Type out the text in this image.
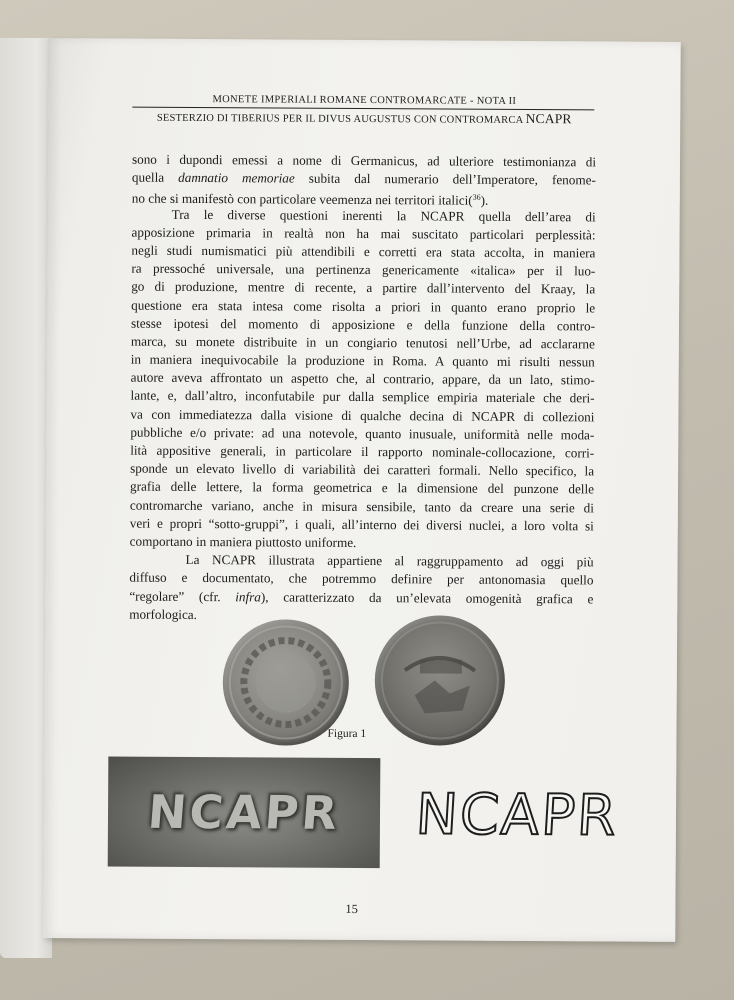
MONETE IMPERIALI ROMANE CONTROMARCATE - NOTA II
SESTERZIO DI TIBERIUS PER IL DIVUS AUGUSTUS CON CONTROMARCA NCAPR
sono i dupondi emessi a nome di Germanicus, ad ulteriore testimonianza di
quella damnatio memoriae subita dal numerario dell’Imperatore, fenome-
no che si manifestò con particolare veemenza nei territori italici($^{36}$).
Tra le diverse questioni inerenti la NCAPR quella dell’area di
apposizione primaria in realtà non ha mai suscitato particolari perplessità:
negli studi numismatici più attendibili e corretti era stata accolta, in maniera
ra pressoché universale, una pertinenza genericamente «italica» per il luo-
go di produzione, mentre di recente, a partire dall’intervento del Kraay, la
questione era stata intesa come risolta a priori in quanto erano proprio le
stesse ipotesi del momento di apposizione e della funzione della contro-
marca, su monete distribuite in un congiario tenutosi nell’Urbe, ad acclararne
in maniera inequivocabile la produzione in Roma. A quanto mi risulti nessun
autore aveva affrontato un aspetto che, al contrario, appare, da un lato, stimo-
lante, e, dall’altro, inconfutabile pur dalla semplice empiria materiale che deri-
va con immediatezza dalla visione di qualche decina di NCAPR di collezioni
pubbliche e/o private: ad una notevole, quanto inusuale, uniformità nelle moda-
lità appositive generali, in particolare il rapporto nominale-collocazione, corri-
sponde un elevato livello di variabilità dei caratteri formali. Nello specifico, la
grafia delle lettere, la forma geometrica e la dimensione del punzone delle
contromarche variano, anche in misura sensibile, tanto da creare una serie di
veri e propri “sotto-gruppi”, i quali, all’interno dei diversi nuclei, a loro volta si
comportano in maniera piuttosto uniforme.
La NCAPR illustrata appartiene al raggruppamento ad oggi più
diffuso e documentato, che potremmo definire per antonomasia quello
“regolare” (cfr. infra), caratterizzato da un’elevata omogenità grafica e
morfologica.
Figura 1
NCAPR	NCAPR
15
